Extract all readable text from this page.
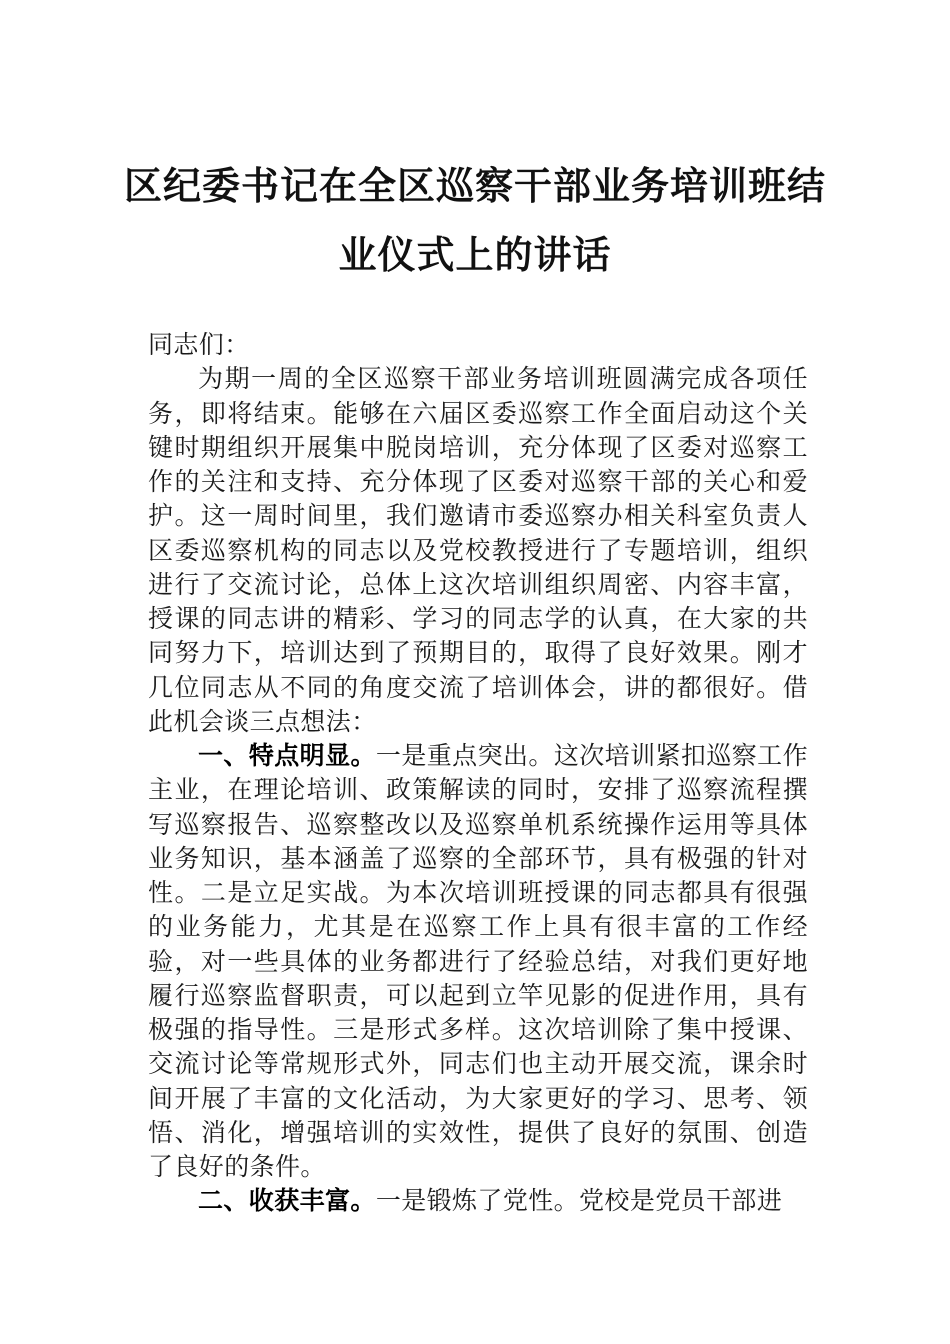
区纪委书记在全区巡察干部业务培训班结
业仪式上的讲话

同志们：

为期一周的全区巡察干部业务培训班圆满完成各项任务，即将结束。能够在六届区委巡察工作全面启动这个关键时期组织开展集中脱岗培训，充分体现了区委对巡察工作的关注和支持、充分体现了区委对巡察干部的关心和爱护。这一周时间里，我们邀请市委巡察办相关科室负责人区委巡察机构的同志以及党校教授进行了专题培训，组织进行了交流讨论，总体上这次培训组织周密、内容丰富，授课的同志讲的精彩、学习的同志学的认真，在大家的共同努力下，培训达到了预期目的，取得了良好效果。刚才几位同志从不同的角度交流了培训体会，讲的都很好。借此机会谈三点想法：

一、特点明显。一是重点突出。这次培训紧扣巡察工作主业，在理论培训、政策解读的同时，安排了巡察流程撰写巡察报告、巡察整改以及巡察单机系统操作运用等具体业务知识，基本涵盖了巡察的全部环节，具有极强的针对性。二是立足实战。为本次培训班授课的同志都具有很强的业务能力，尤其是在巡察工作上具有很丰富的工作经验，对一些具体的业务都进行了经验总结，对我们更好地履行巡察监督职责，可以起到立竿见影的促进作用，具有极强的指导性。三是形式多样。这次培训除了集中授课、交流讨论等常规形式外，同志们也主动开展交流，课余时间开展了丰富的文化活动，为大家更好的学习、思考、领悟、消化，增强培训的实效性，提供了良好的氛围、创造了良好的条件。

二、收获丰富。一是锻炼了党性。党校是党员干部进
